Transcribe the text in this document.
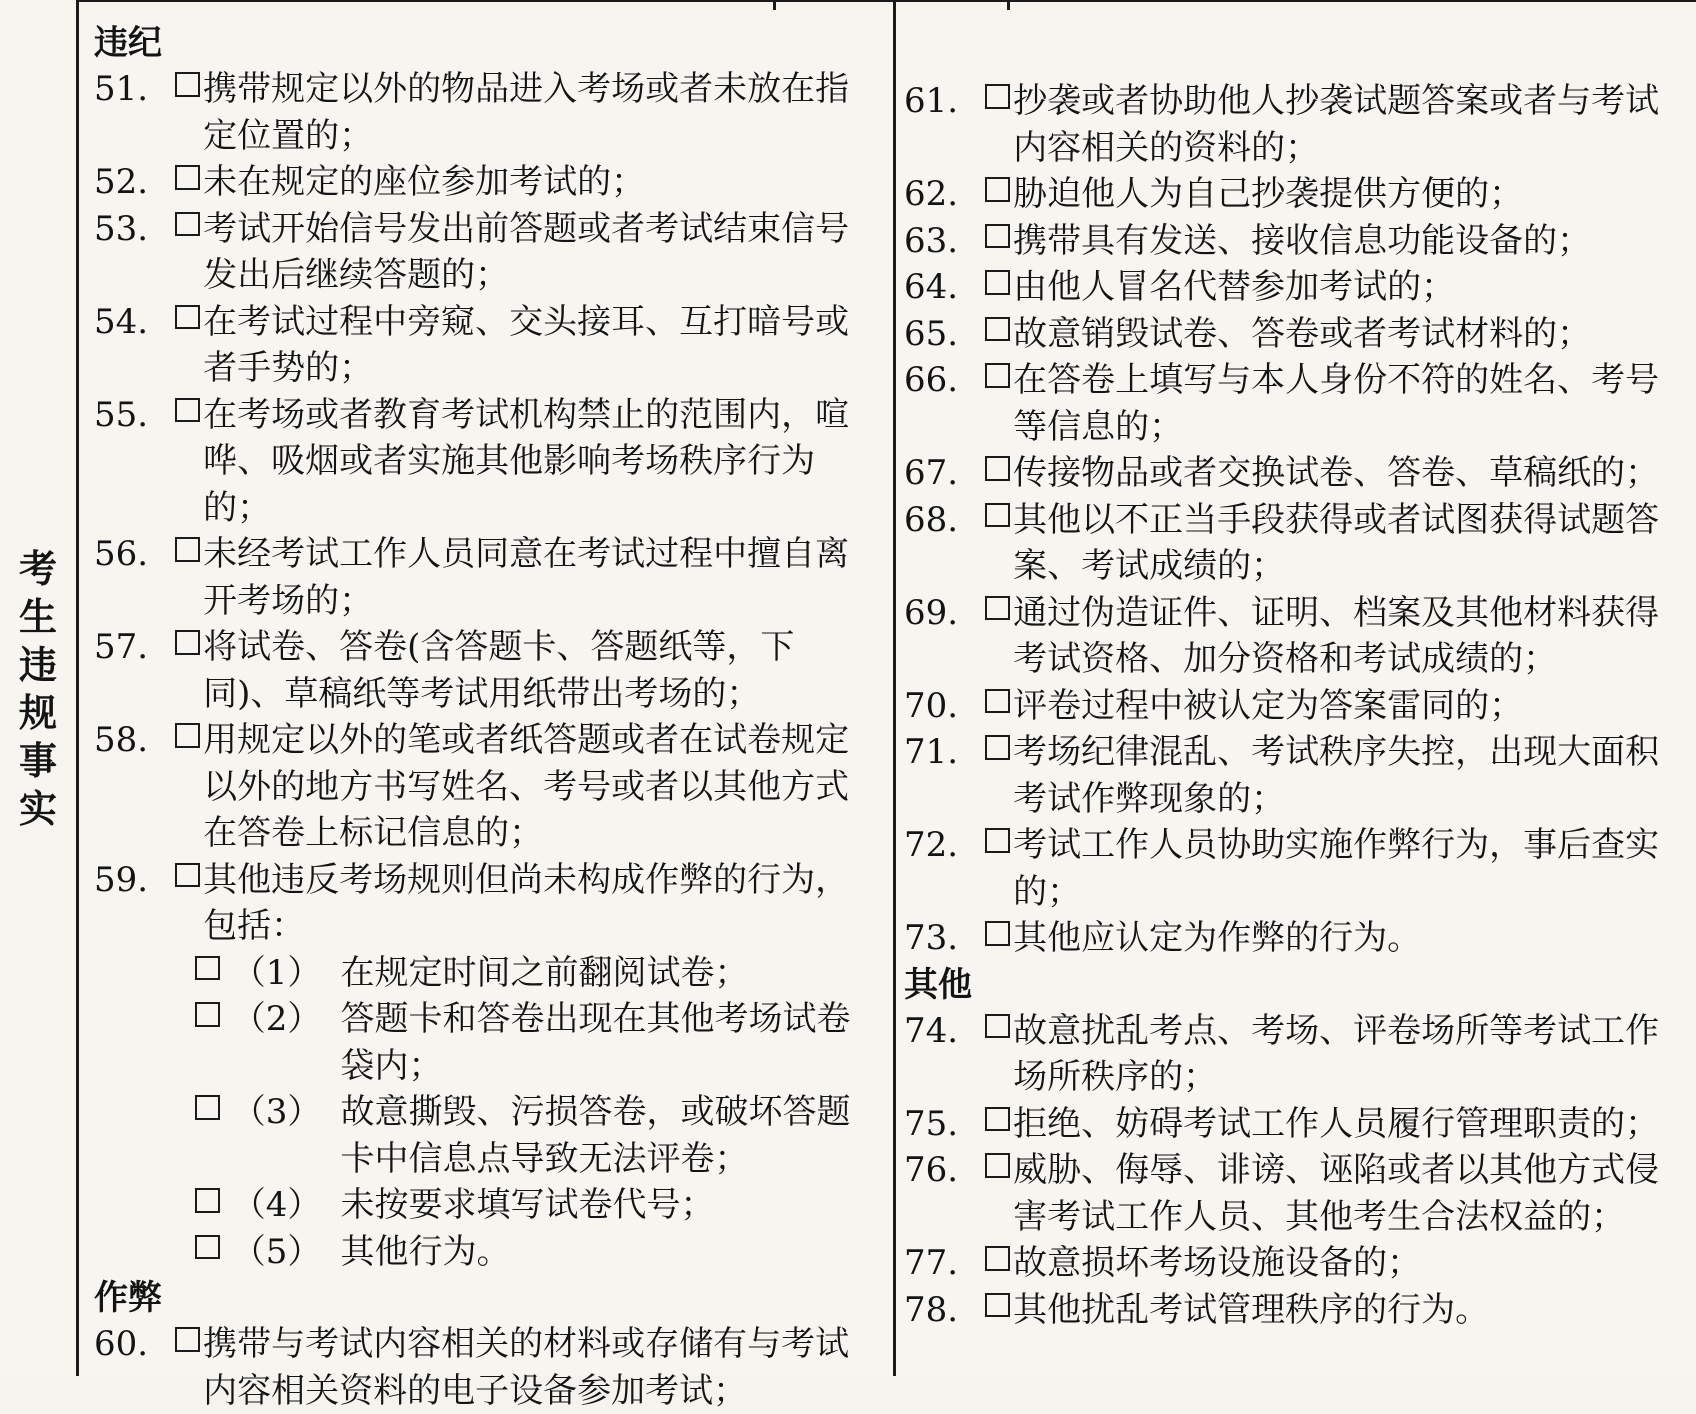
考
生
违
规
事
实
违纪
51.	携带规定以外的物品进入考场或者未放在指定位置的；
52.	未在规定的座位参加考试的；
53.	考试开始信号发出前答题或者考试结束信号发出后继续答题的；
54.	在考试过程中旁窥、交头接耳、互打暗号或者手势的；
55.	在考场或者教育考试机构禁止的范围内，喧哗、吸烟或者实施其他影响考场秩序行为的；
56.	未经考试工作人员同意在考试过程中擅自离开考场的；
57.	将试卷、答卷(含答题卡、答题纸等，下同)、草稿纸等考试用纸带出考场的；
58.	用规定以外的笔或者纸答题或者在试卷规定以外的地方书写姓名、考号或者以其他方式在答卷上标记信息的；
59.	其他违反考场规则但尚未构成作弊的行为，包括：
（1） 在规定时间之前翻阅试卷；
（2） 答题卡和答卷出现在其他考场试卷袋内；
（3） 故意撕毁、污损答卷，或破坏答题卡中信息点导致无法评卷；
（4） 未按要求填写试卷代号；
（5） 其他行为。
作弊
60.	携带与考试内容相关的材料或存储有与考试内容相关资料的电子设备参加考试；
61.	抄袭或者协助他人抄袭试题答案或者与考试内容相关的资料的；
62.	胁迫他人为自己抄袭提供方便的；
63.	携带具有发送、接收信息功能设备的；
64.	由他人冒名代替参加考试的；
65.	故意销毁试卷、答卷或者考试材料的；
66.	在答卷上填写与本人身份不符的姓名、考号等信息的；
67.	传接物品或者交换试卷、答卷、草稿纸的；
68.	其他以不正当手段获得或者试图获得试题答案、考试成绩的；
69.	通过伪造证件、证明、档案及其他材料获得考试资格、加分资格和考试成绩的；
70.	评卷过程中被认定为答案雷同的；
71.	考场纪律混乱、考试秩序失控，出现大面积考试作弊现象的；
72.	考试工作人员协助实施作弊行为，事后查实的；
73.	其他应认定为作弊的行为。
其他
74.	故意扰乱考点、考场、评卷场所等考试工作场所秩序的；
75.	拒绝、妨碍考试工作人员履行管理职责的；
76.	威胁、侮辱、诽谤、诬陷或者以其他方式侵害考试工作人员、其他考生合法权益的；
77.	故意损坏考场设施设备的；
78.	其他扰乱考试管理秩序的行为。
